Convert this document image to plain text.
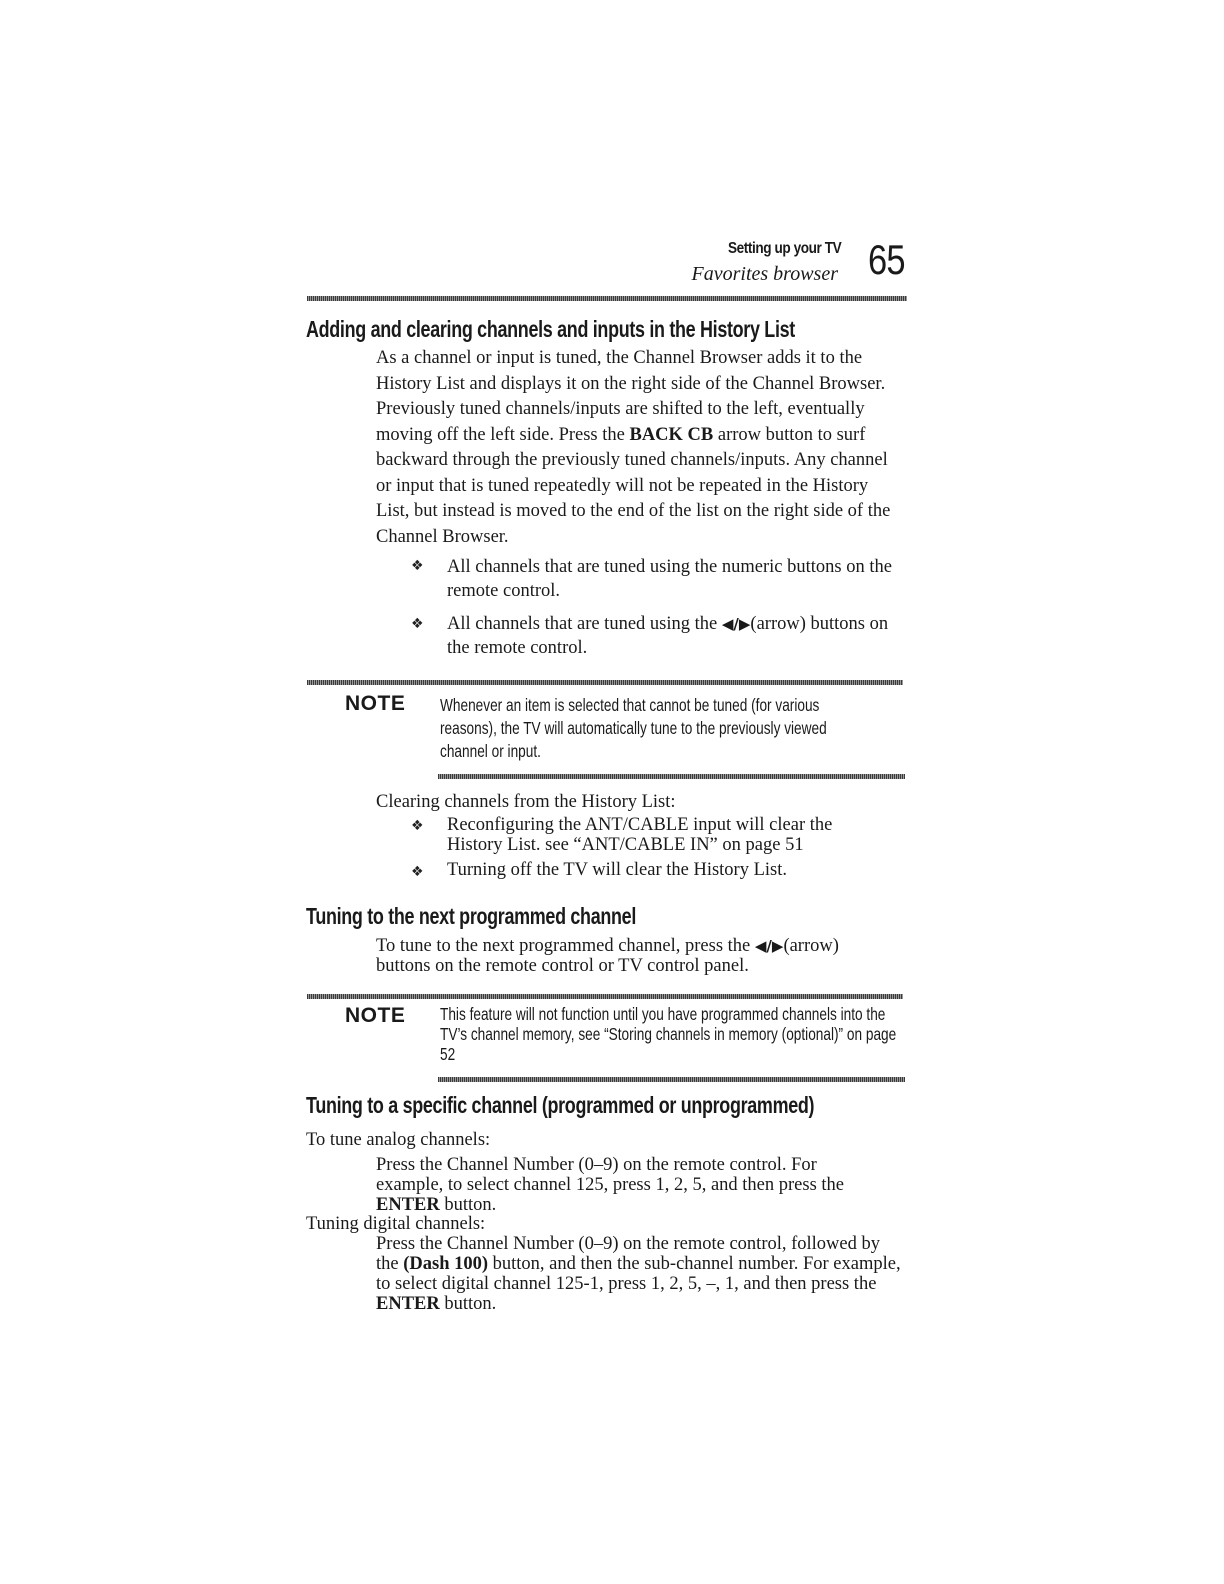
Setting up your TV
Favorites browser 65
Adding and clearing channels and inputs in the History List

As a channel or input is tuned, the Channel Browser adds it to the History List and displays it on the right side of the Channel Browser. Previously tuned channels/inputs are shifted to the left, eventually moving off the left side. Press the BACK CB arrow button to surf backward through the previously tuned channels/inputs. Any channel or input that is tuned repeatedly will not be repeated in the History List, but instead is moved to the end of the list on the right side of the Channel Browser.

❖ All channels that are tuned using the numeric buttons on the remote control.

❖ All channels that are tuned using the ◀/▶(arrow) buttons on the remote control.

NOTE Whenever an item is selected that cannot be tuned (for various reasons), the TV will automatically tune to the previously viewed channel or input.

Clearing channels from the History List:

❖ Reconfiguring the ANT/CABLE input will clear the History List. see “ANT/CABLE IN” on page 51

❖ Turning off the TV will clear the History List.

Tuning to the next programmed channel

To tune to the next programmed channel, press the ◀/▶(arrow) buttons on the remote control or TV control panel.

NOTE This feature will not function until you have programmed channels into the TV’s channel memory, see “Storing channels in memory (optional)” on page 52
Tuning to a specific channel (programmed or unprogrammed)

To tune analog channels:

Press the Channel Number (0–9) on the remote control. For example, to select channel 125, press 1, 2, 5, and then press the ENTER button.

Tuning digital channels:

Press the Channel Number (0–9) on the remote control, followed by the (Dash 100) button, and then the sub-channel number. For example, to select digital channel 125-1, press 1, 2, 5, –, 1, and then press the ENTER button.
